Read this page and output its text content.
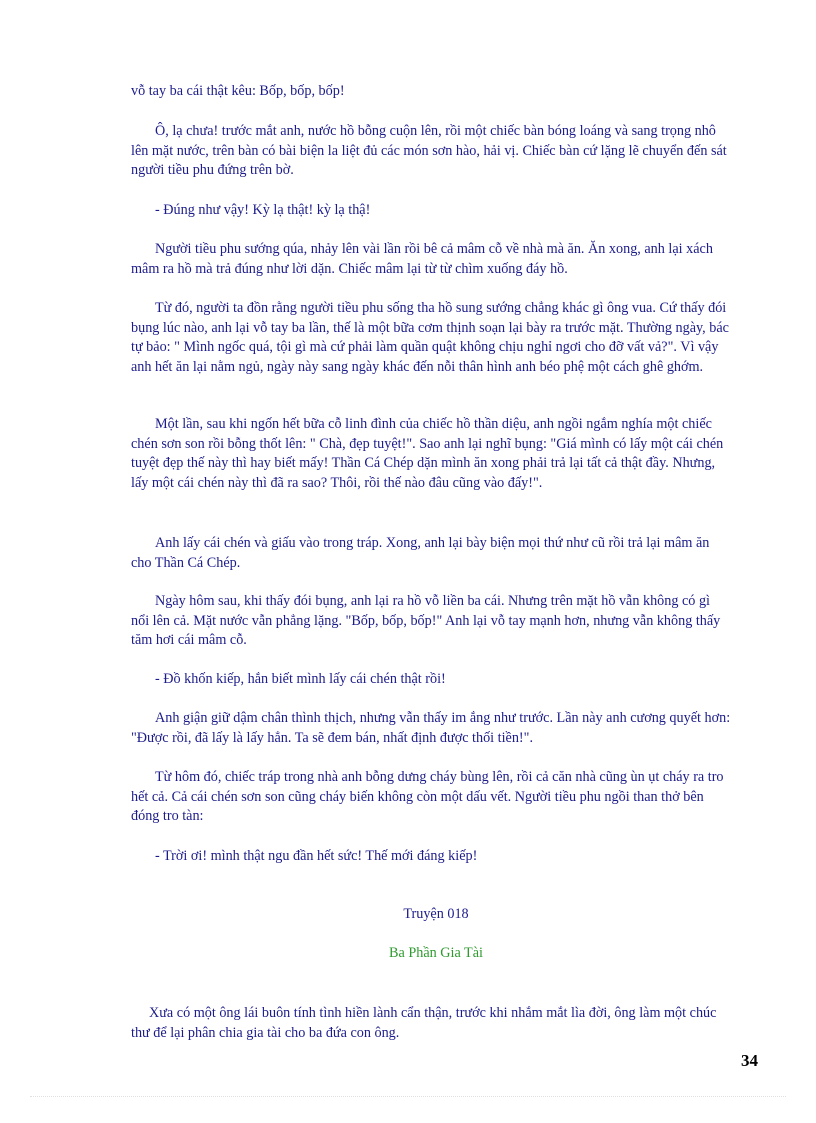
vỗ tay ba cái thật kêu: Bốp, bốp, bốp!

Ô, lạ chưa! trước mắt anh, nước hồ bỗng cuộn lên, rồi một chiếc bàn bóng loáng và sang trọng nhô lên mặt nước, trên bàn có bài biện la liệt đủ các món sơn hào, hải vị. Chiếc bàn cứ lặng lẽ chuyển đến sát người tiều phu đứng trên bờ.

- Đúng như vậy! Kỳ lạ thật! kỳ lạ thậ!

Người tiều phu sướng qúa, nhảy lên vài lần rồi bê cả mâm cỗ về nhà mà ăn. Ăn xong, anh lại xách mâm ra hồ mà trả đúng như lời dặn. Chiếc mâm lại từ từ chìm xuống đáy hồ.

Từ đó, người ta đồn rằng người tiều phu sống tha hồ sung sướng chẳng khác gì ông vua. Cứ thấy đói bụng lúc nào, anh lại vỗ tay ba lần, thế là một bữa cơm thịnh soạn lại bày ra trước mặt. Thường ngày, bác tự bảo: " Mình ngốc quá, tội gì mà cứ phải làm quần quật không chịu nghỉ ngơi cho đỡ vất vả?". Vì vậy anh hết ăn lại nằm ngủ, ngày này sang ngày khác đến nỗi thân hình anh béo phệ một cách ghê ghớm.

Một lần, sau khi ngốn hết bữa cỗ linh đình của chiếc hồ thần diệu, anh ngồi ngắm nghía một chiếc chén sơn son rồi bỗng thốt lên: " Chà, đẹp tuyệt!". Sao anh lại nghĩ bụng: "Giá mình có lấy một cái chén tuyệt đẹp thế này thì hay biết mấy! Thần Cá Chép dặn mình ăn xong phải trả lại tất cả thật đầy. Nhưng, lấy một cái chén này thì đã ra sao? Thôi, rồi thế nào đâu cũng vào đấy!".

Anh lấy cái chén và giấu vào trong tráp. Xong, anh lại bày biện mọi thứ như cũ rồi trả lại mâm ăn cho Thần Cá Chép.

Ngày hôm sau, khi thấy đói bụng, anh lại ra hồ vỗ liền ba cái. Nhưng trên mặt hồ vẫn không có gì nổi lên cả. Mặt nước vẫn phẳng lặng. "Bốp, bốp, bốp!" Anh lại vỗ tay mạnh hơn, nhưng vẫn không thấy tăm hơi cái mâm cỗ.

- Đồ khốn kiếp, hắn biết mình lấy cái chén thật rồi!

Anh giận giữ dậm chân thình thịch, nhưng vẫn thấy im ắng như trước. Lần này anh cương quyết hơn: "Được rồi, đã lấy là lấy hẳn. Ta sẽ đem bán, nhất định được thối tiền!".

Từ hôm đó, chiếc tráp trong nhà anh bỗng dưng cháy bùng lên, rồi cả căn nhà cũng ùn ụt cháy ra tro hết cả. Cả cái chén sơn son cũng cháy biến không còn một dấu vết. Người tiều phu ngồi than thở bên đóng tro tàn:

- Trời ơi! mình thật ngu đần hết sức! Thế mới đáng kiếp!

Truyện 018

Ba Phần Gia Tài

Xưa có một ông lái buôn tính tình hiền lành cẩn thận, trước khi nhắm mắt lìa đời, ông làm một chúc thư để lại phân chia gia tài cho ba đứa con ông.

34
